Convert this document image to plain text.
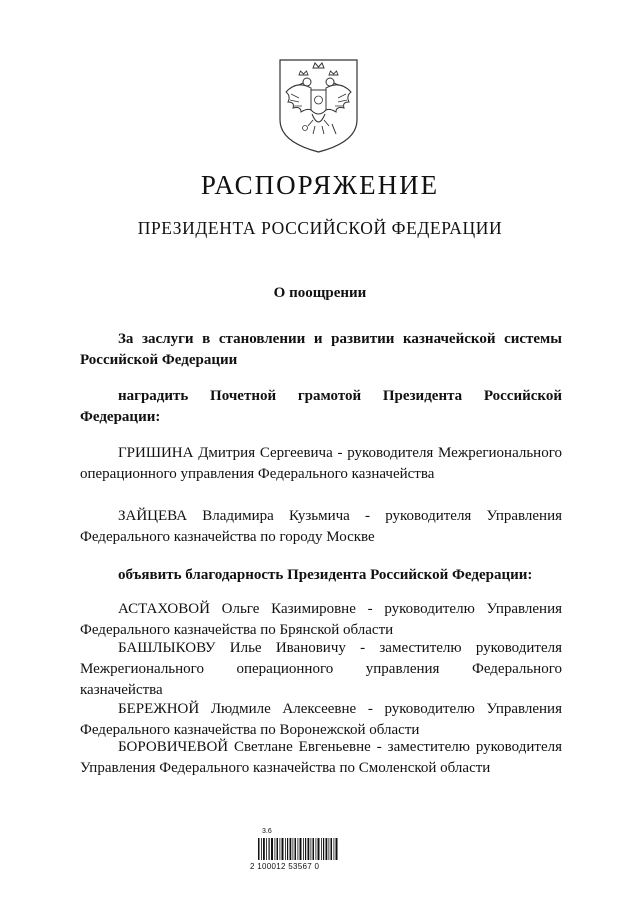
РАСПОРЯЖЕНИЕ
ПРЕЗИДЕНТА РОССИЙСКОЙ ФЕДЕРАЦИИ
О поощрении

За заслуги в становлении и развитии казначейской системы Российской Федерации

наградить Почетной грамотой Президента Российской Федерации:

ГРИШИНА Дмитрия Сергеевича - руководителя Межрегионального операционного управления Федерального казначейства

ЗАЙЦЕВА Владимира Кузьмича - руководителя Управления Федерального казначейства по городу Москве

объявить благодарность Президента Российской Федерации:

АСТАХОВОЙ Ольге Казимировне - руководителю Управления Федерального казначейства по Брянской области

БАШЛЫКОВУ Илье Ивановичу - заместителю руководителя Межрегионального операционного управления Федерального казначейства

БЕРЕЖНОЙ Людмиле Алексеевне - руководителю Управления Федерального казначейства по Воронежской области

БОРОВИЧЕВОЙ Светлане Евгеньевне - заместителю руководителя Управления Федерального казначейства по Смоленской области

3.6
2 100012 53567 0
